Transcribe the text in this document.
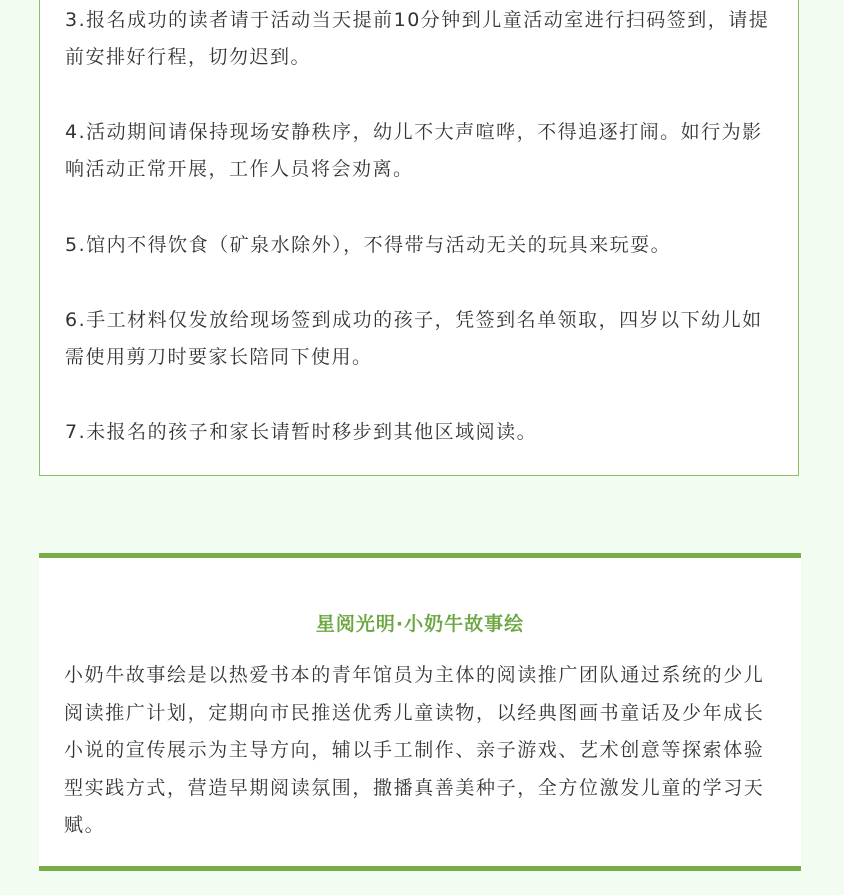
3.报名成功的读者请于活动当天提前10分钟到儿童活动室进行扫码签到，请提前安排好行程，切勿迟到。
4.活动期间请保持现场安静秩序，幼儿不大声喧哗，不得追逐打闹。如行为影响活动正常开展，工作人员将会劝离。
5.馆内不得饮食（矿泉水除外），不得带与活动无关的玩具来玩耍。
6.手工材料仅发放给现场签到成功的孩子，凭签到名单领取，四岁以下幼儿如需使用剪刀时要家长陪同下使用。
7.未报名的孩子和家长请暂时移步到其他区域阅读。
星阅光明·小奶牛故事绘
小奶牛故事绘是以热爱书本的青年馆员为主体的阅读推广团队通过系统的少儿阅读推广计划，定期向市民推送优秀儿童读物，以经典图画书童话及少年成长小说的宣传展示为主导方向，辅以手工制作、亲子游戏、艺术创意等探索体验型实践方式，营造早期阅读氛围，撒播真善美种子，全方位激发儿童的学习天赋。
